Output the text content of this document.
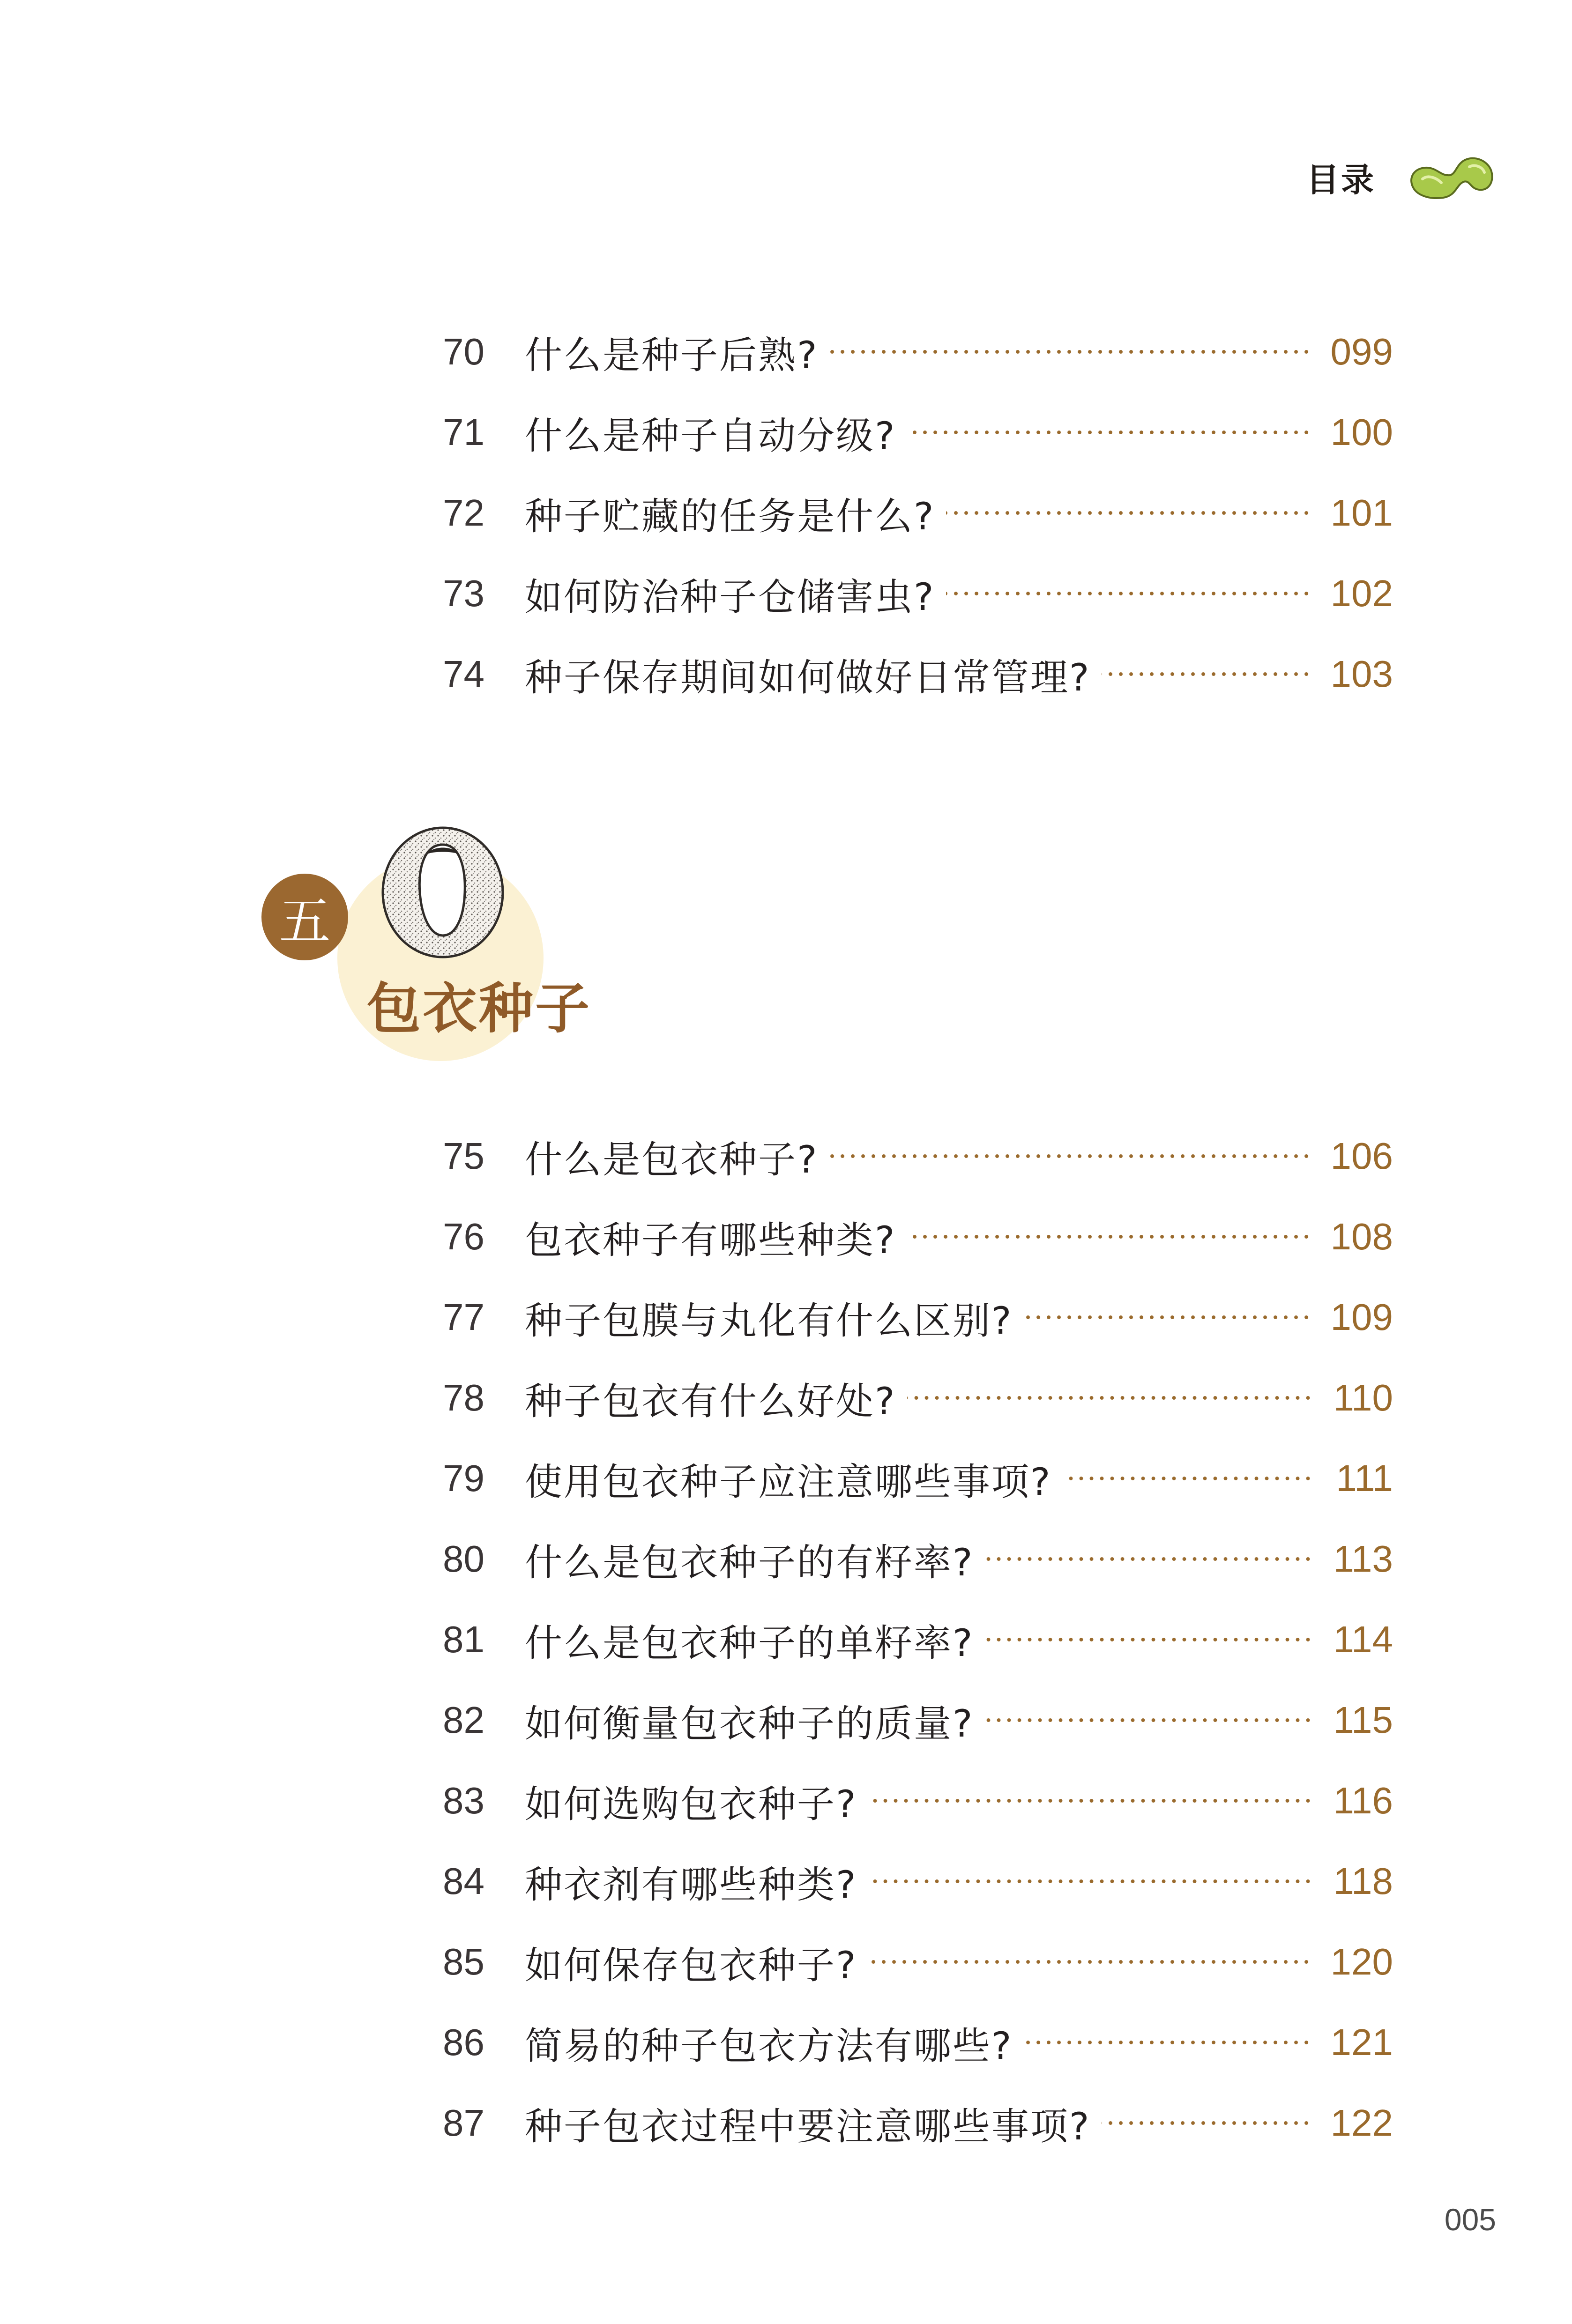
目录
70	什么是种子后熟?	099
71	什么是种子自动分级?	100
72	种子贮藏的任务是什么?	101
73	如何防治种子仓储害虫?	102
74	种子保存期间如何做好日常管理?	103
五
包衣种子
75	什么是包衣种子?	106
76	包衣种子有哪些种类?	108
77	种子包膜与丸化有什么区别?	109
78	种子包衣有什么好处?	110
79	使用包衣种子应注意哪些事项?	111
80	什么是包衣种子的有籽率?	113
81	什么是包衣种子的单籽率?	114
82	如何衡量包衣种子的质量?	115
83	如何选购包衣种子?	116
84	种衣剂有哪些种类?	118
85	如何保存包衣种子?	120
86	简易的种子包衣方法有哪些?	121
87	种子包衣过程中要注意哪些事项?	122
005
